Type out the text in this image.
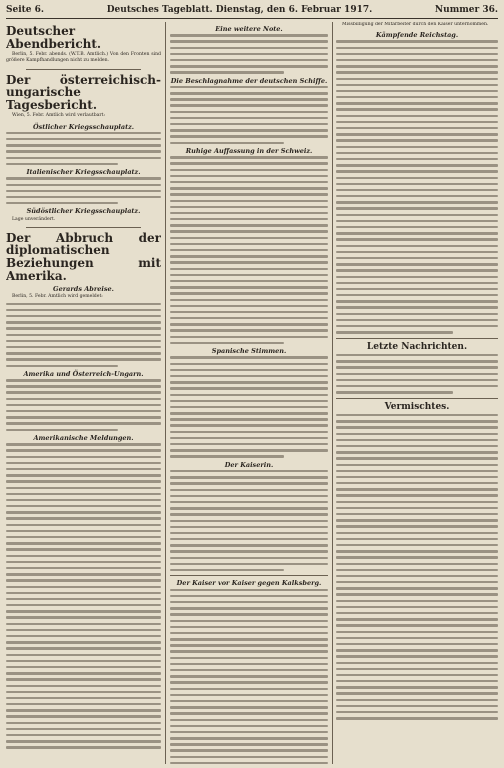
Seite 6.	Deutsches Tageblatt. Dienstag, den 6. Februar 1917.	Nummer 36.
Deutscher Abendbericht.

Berlin, 5. Febr. abends. (W.T.B. Amtlich.) Von den Fronten sind größere Kampfhandlungen nicht zu melden.

Der österreichisch-ungarische Tagesbericht.

Wien, 5. Febr. Amtlich wird verlautbart:

Östlicher Kriegsschauplatz.
Italienischer Kriegsschauplatz.
Südöstlicher Kriegsschauplatz.

Lage unverändert.

Der Abbruch der diplomatischen Beziehungen mit Amerika.
Gerards Abreise.

Berlin, 5. Febr. Amtlich wird gemeldet:

Amerika und Österreich-Ungarn.
Amerikanische Meldungen.
Eine weitere Note.
Die Beschlagnahme der deutschen Schiffe.
Ruhige Auffassung in der Schweiz.
Spanische Stimmen.
Der Kaiserin.
Der Kaiser vor Kaiser gegen Kalksberg.

Missbilligung der Mitarbeiter durch den Kaiser unternommen.

Kämpfende Reichstag.
Letzte Nachrichten.
Vermischtes.
